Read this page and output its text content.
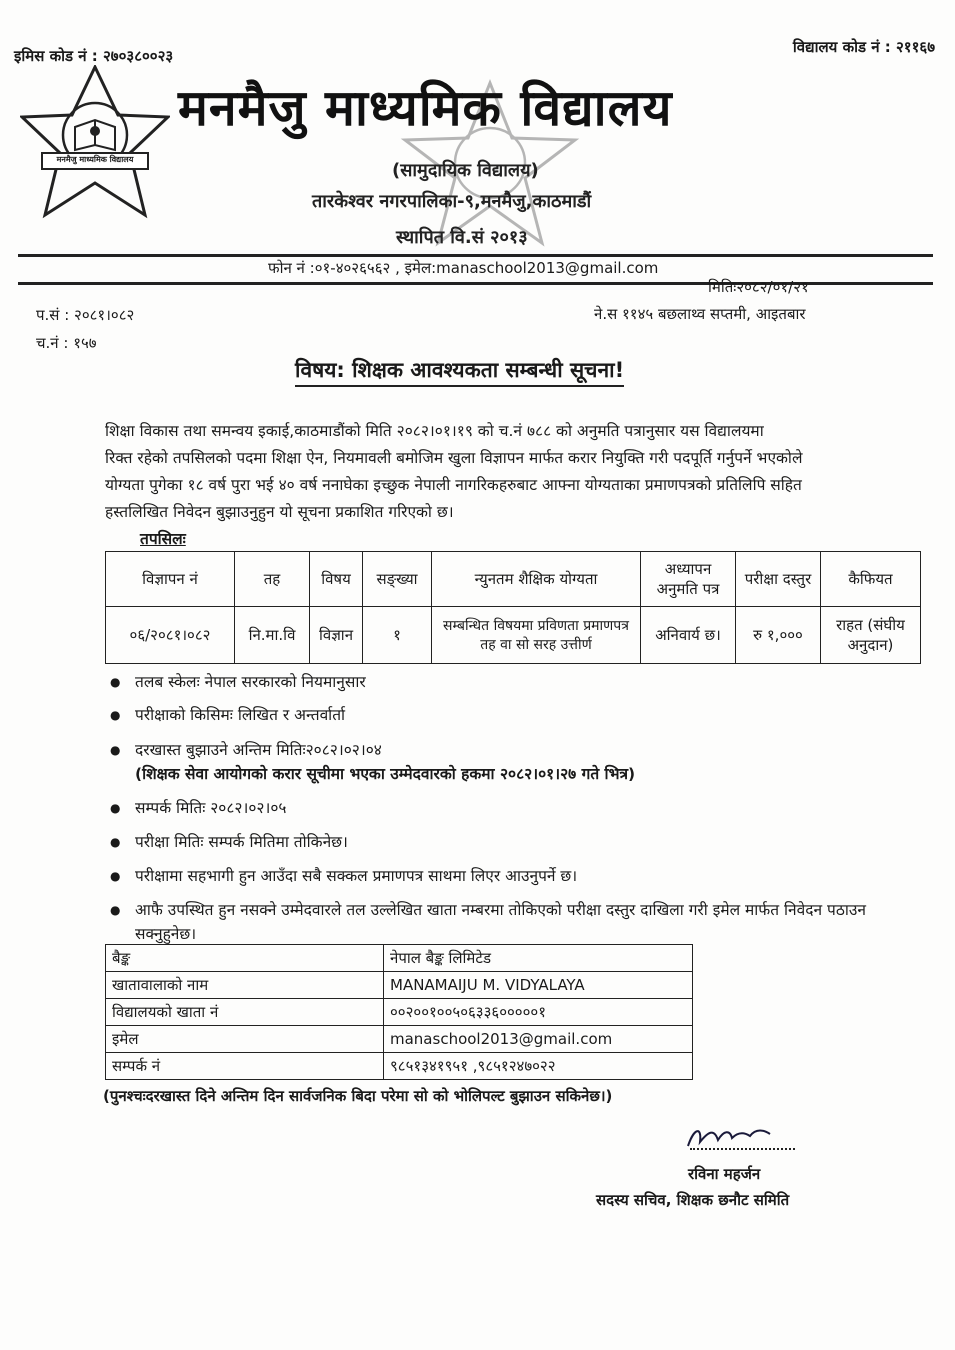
इमिस कोड नं : २७०३८००२३	विद्यालय कोड नं : २११६७
मनमैजु माध्यमिक विद्यालय
मनमैजु माध्यमिक विद्यालय
(सामुदायिक विद्यालय)
तारकेश्वर नगरपालिका-९,मनमैजु,काठमाडौं
स्थापित वि.सं २०१३
फोन नं :०१-४०२६५६२ , इमेल:manaschool2013@gmail.com
मितिः२०८२/०१/२१
ने.स ११४५ बछलाथ्व सप्तमी, आइतबार
प.सं : २०८१।०८२
च.नं : १५७
विषय: शिक्षक आवश्यकता सम्बन्धी सूचना!

शिक्षा विकास तथा समन्वय इकाई,काठमाडौंको मिति २०८२।०१।१९ को च.नं ७८८ को अनुमति पत्रानुसार यस विद्यालयमा

रिक्त रहेको तपसिलको पदमा शिक्षा ऐन, नियमावली बमोजिम खुला विज्ञापन मार्फत करार नियुक्ति गरी पदपूर्ति गर्नुपर्ने भएकोले

योग्यता पुगेका १८ वर्ष पुरा भई ४० वर्ष ननाघेका इच्छुक नेपाली नागरिकहरुबाट आफ्ना योग्यताका प्रमाणपत्रको प्रतिलिपि सहित

हस्तलिखित निवेदन बुझाउनुहुन यो सूचना प्रकाशित गरिएको छ।

तपसिलः
विज्ञापन नं	तह	विषय	सङ्ख्या	न्युनतम शैक्षिक योग्यता	अध्यापन अनुमति पत्र	परीक्षा दस्तुर	कैफियत
०६/२०८१।०८२	नि.मा.वि	विज्ञान	१	सम्बन्धित विषयमा प्रविणता प्रमाणपत्र तह वा सो सरह उत्तीर्ण	अनिवार्य छ।	रु १,०००	राहत (संघीय अनुदान)
● तलब स्केलः नेपाल सरकारको नियमानुसार
● परीक्षाको किसिमः लिखित र अन्तर्वार्ता
● दरखास्त बुझाउने अन्तिम मितिः२०८२।०२।०४
(शिक्षक सेवा आयोगको करार सूचीमा भएका उम्मेदवारको हकमा २०८२।०१।२७ गते भित्र)
● सम्पर्क मितिः २०८२।०२।०५
● परीक्षा मितिः सम्पर्क मितिमा तोकिनेछ।
● परीक्षामा सहभागी हुन आउँदा सबै सक्कल प्रमाणपत्र साथमा लिएर आउनुपर्ने छ।
● आफै उपस्थित हुन नसक्ने उम्मेदवारले तल उल्लेखित खाता नम्बरमा तोकिएको परीक्षा दस्तुर दाखिला गरी इमेल मार्फत निवेदन पठाउन सक्नुहुनेछ।
बैङ्क	नेपाल बैङ्क लिमिटेड
खातावालाको नाम	MANAMAIJU M. VIDYALAYA
विद्यालयको खाता नं	००२००१००५०६३३६०००००१
इमेल	manaschool2013@gmail.com
सम्पर्क नं	९८५१३४१९५१ ,९८५१२४७०२२
(पुनश्चःदरखास्त दिने अन्तिम दिन सार्वजनिक बिदा परेमा सो को भोलिपल्ट बुझाउन सकिनेछ।)
रविना महर्जन
सदस्य सचिव, शिक्षक छनौट समिति
